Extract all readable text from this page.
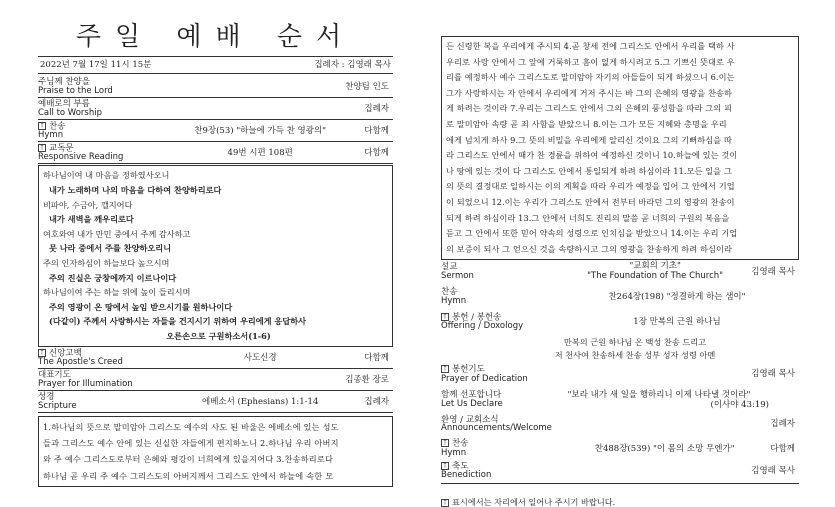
주일 예배 순서
2022년 7월 17일 11시 15분	집례자 : 김영래 목사
주님께 찬양을
Praise to the Lord	찬양팀 인도
예배로의 부름
Call to Worship	집례자
† 찬송
Hymn	찬9장(53) "하늘에 가득 찬 영광의"	다함께
† 교독문
Responsive Reading	49번 시편 108편	다함께

하나님이여 내 마음을 정하였사오니

내가 노래하며 나의 마음을 다하여 찬양하리로다

비파야, 수금아, 깰지어다

내가 새벽을 깨우리로다

여호와여 내가 만민 중에서 주께 감사하고

뭇 나라 중에서 주를 찬양하오리니

주의 인자하심이 하늘보다 높으시며

주의 진실은 궁창에까지 이르나이다

하나님이여 주는 하늘 위에 높이 들리시며

주의 영광이 온 땅에서 높임 받으시기를 원하나이다

(다같이) 주께서 사랑하시는 자들을 건지시기 위하여 우리에게 응답하사

오른손으로 구원하소서(1-6)

† 신앙고백
The Apostle's Creed	사도신경	다함께
대표기도
Prayer for Illumination	김종환 장로
성경
Scripture	에베소서 (Ephesians) 1:1-14	집례자

1.하나님의 뜻으로 말미암아 그리스도 예수의 사도 된 바울은 에베소에 있는 성도

들과 그리스도 예수 안에 있는 신실한 자들에게 편지하노니 2.하나님 우리 아버지

와 주 예수 그리스도로부터 은혜와 평강이 너희에게 있을지어다 3.찬송하리로다

하나님 곧 우리 주 예수 그리스도의 아버지께서 그리스도 안에서 하늘에 속한 모

든 신령한 복을 우리에게 주시되 4.곧 창세 전에 그리스도 안에서 우리를 택하 사

우리로 사랑 안에서 그 앞에 거룩하고 흠이 없게 하시려고 5.그 기쁘신 뜻대로 우

리를 예정하사 예수 그리스도로 말미암아 자기의 아들들이 되게 하셨으니 6.이는

그가 사랑하시는 자 안에서 우리에게 거저 주시는 바 그의 은혜의 영광을 찬송하

게 하려는 것이라 7.우리는 그리스도 안에서 그의 은혜의 풍성함을 따라 그의 피

로 말미암아 속량 곧 죄 사함을 받았으니 8.이는 그가 모든 지혜와 총명을 우리

에게 넘치게 하사 9.그 뜻의 비밀을 우리에게 알리신 것이요 그의 기뻐하심을 따

라 그리스도 안에서 때가 찬 경륜을 위하여 예정하신 것이니 10.하늘에 있는 것이

나 땅에 있는 것이 다 그리스도 안에서 통일되게 하려 하심이라 11.모든 일을 그

의 뜻의 결정대로 일하시는 이의 계획을 따라 우리가 예정을 입어 그 안에서 기업

이 되었으니 12.이는 우리가 그리스도 안에서 전부터 바라던 그의 영광의 찬송이

되게 하려 하심이라 13.그 안에서 너희도 진리의 말씀 곧 너희의 구원의 복음을

듣고 그 안에서 또한 믿어 약속의 성령으로 인치심을 받았으니 14.이는 우리 기업

의 보증이 되사 그 얻으신 것을 속량하시고 그의 영광을 찬송하게 하려 하심이라

설교
Sermon
"교회의 기초"
"The Foundation of The Church"	김영래 목사
찬송
Hymn	찬264장(198) "정결하게 하는 샘이"
† 봉헌 / 봉헌송
Offering / Doxology	1장 만복의 근원 하나님
만복의 근원 하나님 온 백성 찬송 드리고
저 천사여 찬송하세 찬송 성부 성자 성령 아멘
† 봉헌기도
Prayer of Dedication	김영래 목사
함께 선포합니다
Let Us Declare
"보라 내가 새 일을 행하리니 이제 나타낼 것이라"
(이사야 43:19)
환영 / 교회소식
Announcements/Welcome	집례자
† 찬송
Hymn	찬488장(539) "이 몸의 소망 무엔가"	다함께
† 축도
Benediction	김영래 목사
† 표시에서는 자리에서 일어나 주시기 바랍니다.
